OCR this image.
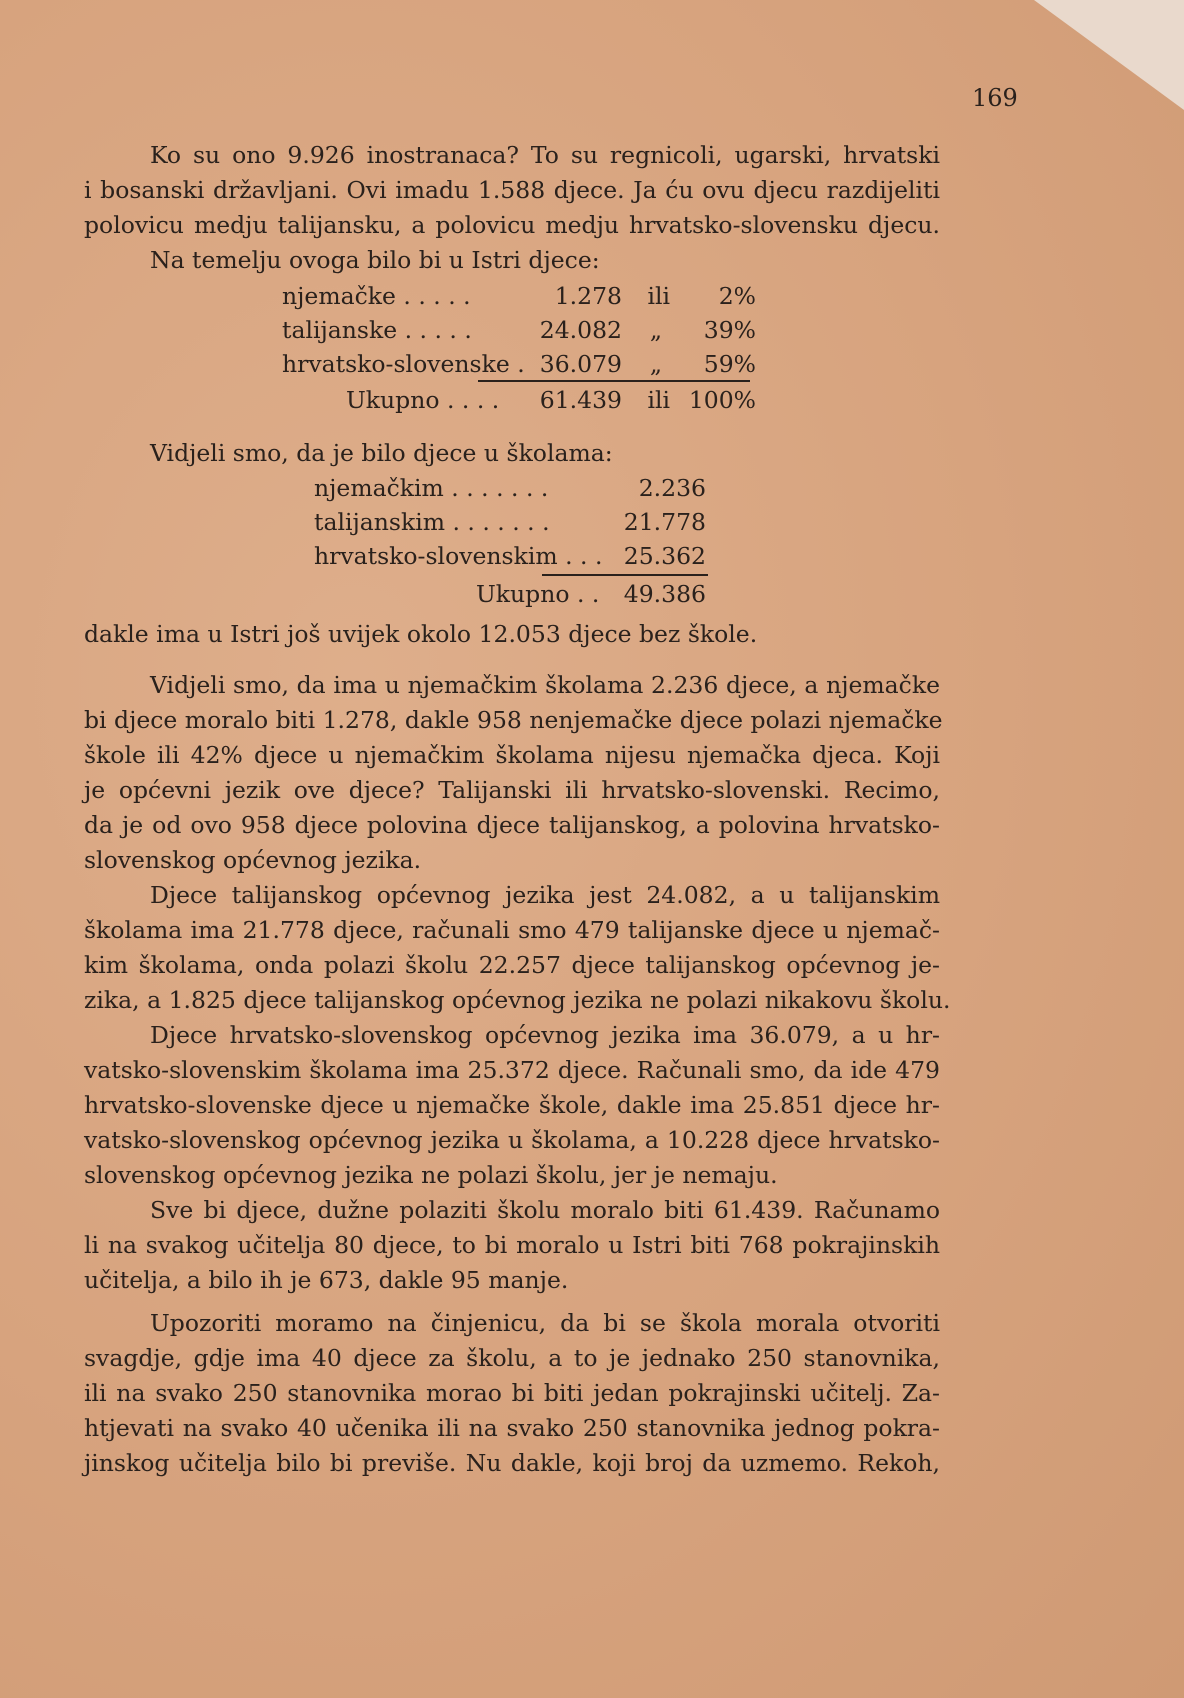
169
Ko su ono 9.926 inostranaca? To su regnicoli, ugarski, hrvatski
i bosanski državljani. Ovi imadu 1.588 djece. Ja ću ovu djecu razdijeliti
polovicu medju talijansku, a polovicu medju hrvatsko-slovensku djecu.
Na temelju ovoga bilo bi u Istri djece:
njemačke . . . . .	1.278 ili 2%
talijanske . . . . .	24.082 „ 39%
hrvatsko-slovenske . 36.079 „ 59%
Ukupno . . . . 61.439 ili 100%
Vidjeli smo, da je bilo djece u školama:
njemačkim . . . . . . .	2.236
talijanskim . . . . . . .	21.778
hrvatsko-slovenskim . . . 25.362
Ukupno . . 49.386
dakle ima u Istri još uvijek okolo 12.053 djece bez škole.
Vidjeli smo, da ima u njemačkim školama 2.236 djece, a njemačke
bi djece moralo biti 1.278, dakle 958 nenjemačke djece polazi njemačke
škole ili 42% djece u njemačkim školama nijesu njemačka djeca. Koji
je općevni jezik ove djece? Talijanski ili hrvatsko-slovenski. Recimo,
da je od ovo 958 djece polovina djece talijanskog, a polovina hrvatsko-
slovenskog općevnog jezika.
Djece talijanskog općevnog jezika jest 24.082, a u talijanskim
školama ima 21.778 djece, računali smo 479 talijanske djece u njemač-
kim školama, onda polazi školu 22.257 djece talijanskog općevnog je-
zika, a 1.825 djece talijanskog općevnog jezika ne polazi nikakovu školu.
Djece hrvatsko-slovenskog općevnog jezika ima 36.079, a u hr-
vatsko-slovenskim školama ima 25.372 djece. Računali smo, da ide 479
hrvatsko-slovenske djece u njemačke škole, dakle ima 25.851 djece hr-
vatsko-slovenskog općevnog jezika u školama, a 10.228 djece hrvatsko-
slovenskog općevnog jezika ne polazi školu, jer je nemaju.
Sve bi djece, dužne polaziti školu moralo biti 61.439. Računamo
li na svakog učitelja 80 djece, to bi moralo u Istri biti 768 pokrajinskih
učitelja, a bilo ih je 673, dakle 95 manje.
Upozoriti moramo na činjenicu, da bi se škola morala otvoriti
svagdje, gdje ima 40 djece za školu, a to je jednako 250 stanovnika,
ili na svako 250 stanovnika morao bi biti jedan pokrajinski učitelj. Za-
htjevati na svako 40 učenika ili na svako 250 stanovnika jednog pokra-
jinskog učitelja bilo bi previše. Nu dakle, koji broj da uzmemo. Rekoh,
